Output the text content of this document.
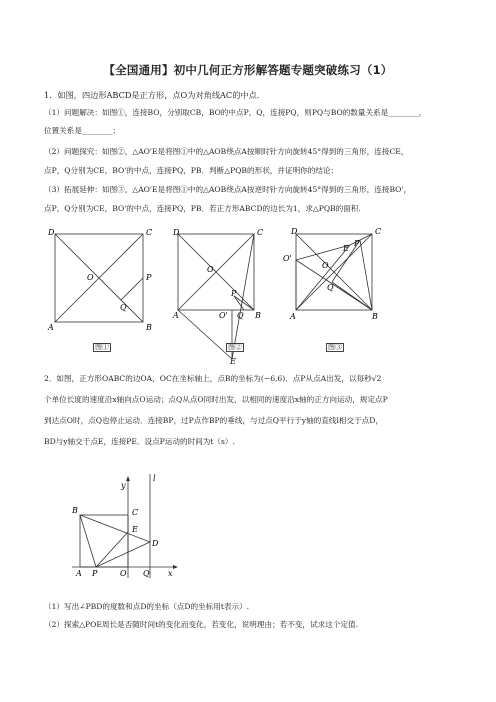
【全国通用】初中几何正方形解答题专题突破练习（1）
1．如图，四边形ABCD是正方形，点O为对角线AC的中点.
（1）问题解决：如图①，连接BO，分别取CB，BO的中点P，Q，连接PQ，则PQ与BO的数量关系是________，
位置关系是________；
（2）问题探究：如图②，△AO'E是将图①中的△AOB绕点A按顺时针方向旋转45°得到的三角形，连接CE，
点P，Q分别为CE，BO'的中点，连接PQ，PB．判断△PQB的形状，并证明你的结论；
（3）拓展延伸：如图③，△AO'E是将图①中的△AOB绕点A按逆时针方向旋转45°得到的三角形，连接BO'，
点P，Q分别为CE，BO'的中点，连接PQ，PB．若正方形ABCD的边长为1，求△PQB的面积.
D	C
O	P
Q
A	B
图①
D	C
O
P
A	O' Q B
E
图②
D	C
E
P
O'
O
Q
A	B
图③
2．如图，正方形OABC的边OA，OC在坐标轴上，点B的坐标为(−6,6)．点P从点A出发，以每秒√2
个单位长度的速度沿x轴向点O运动；点Q从点O同时出发，以相同的速度沿x轴的正方向运动，规定点P
到达点O时，点Q也停止运动．连接BP，过P点作BP的垂线，与过点Q平行于y轴的直线l相交于点D，
BD与y轴交于点E，连接PE．设点P运动的时间为t（s）.
y
l
B	C
E
D
A P	O Q x
（1）写出∠PBD的度数和点D的坐标（点D的坐标用t表示）.
（2）探索△POE周长是否随时间t的变化而变化，若变化，说明理由；若不变，试求这个定值.
